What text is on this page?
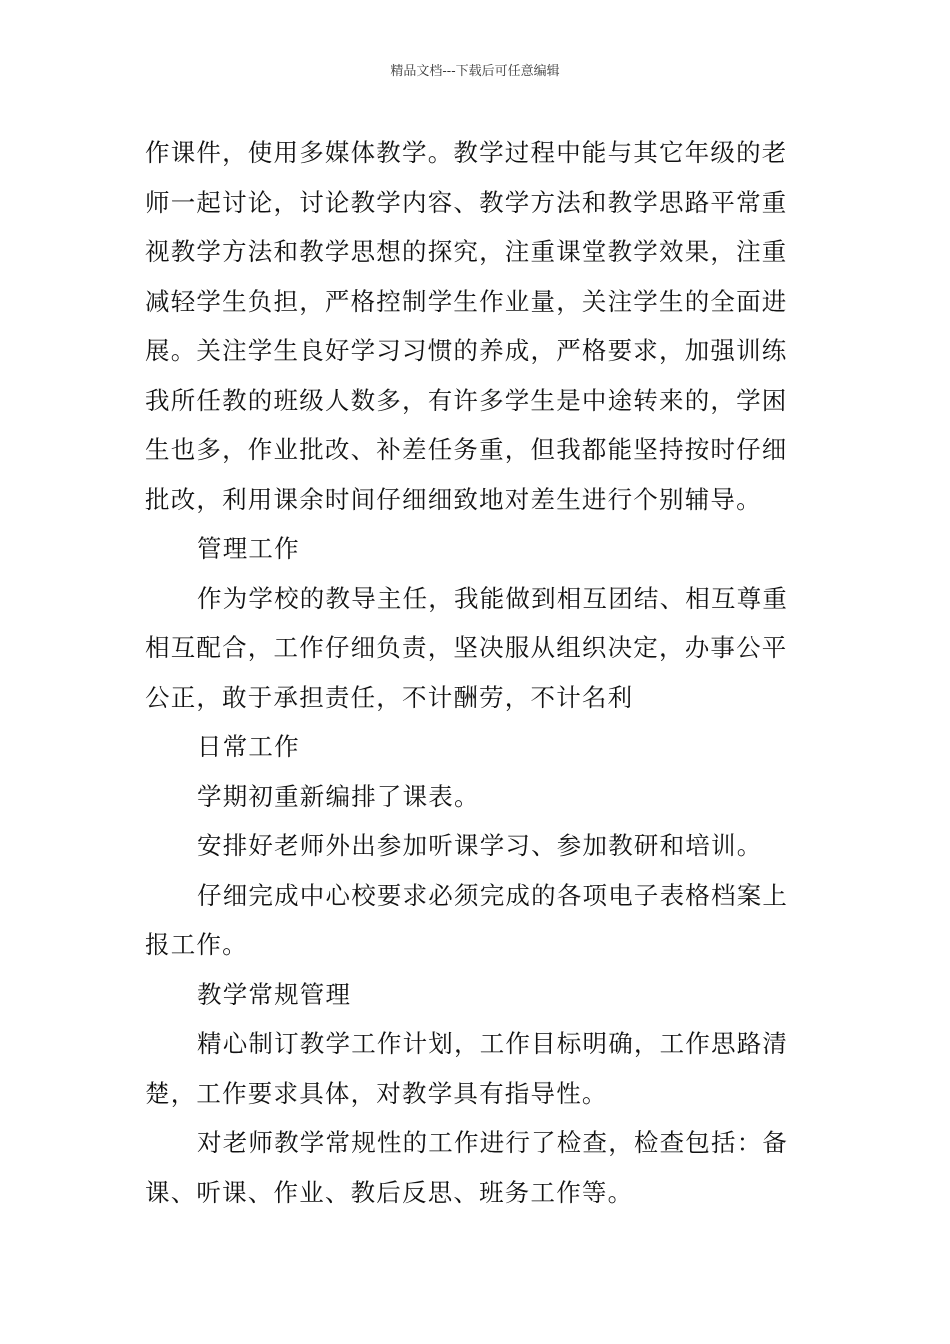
精品文档---下载后可任意编辑

作课件，使用多媒体教学。教学过程中能与其它年级的老师一起讨论，讨论教学内容、教学方法和教学思路平常重视教学方法和教学思想的探究，注重课堂教学效果，注重减轻学生负担，严格控制学生作业量，关注学生的全面进展。关注学生良好学习习惯的养成，严格要求，加强训练我所任教的班级人数多，有许多学生是中途转来的，学困生也多，作业批改、补差任务重，但我都能坚持按时仔细批改，利用课余时间仔细细致地对差生进行个别辅导。

管理工作

作为学校的教导主任，我能做到相互团结、相互尊重相互配合，工作仔细负责，坚决服从组织决定，办事公平公正，敢于承担责任，不计酬劳，不计名利

日常工作

学期初重新编排了课表。

安排好老师外出参加听课学习、参加教研和培训。

仔细完成中心校要求必须完成的各项电子表格档案上报工作。

教学常规管理

精心制订教学工作计划，工作目标明确，工作思路清楚，工作要求具体，对教学具有指导性。

对老师教学常规性的工作进行了检查，检查包括：备课、听课、作业、教后反思、班务工作等。
